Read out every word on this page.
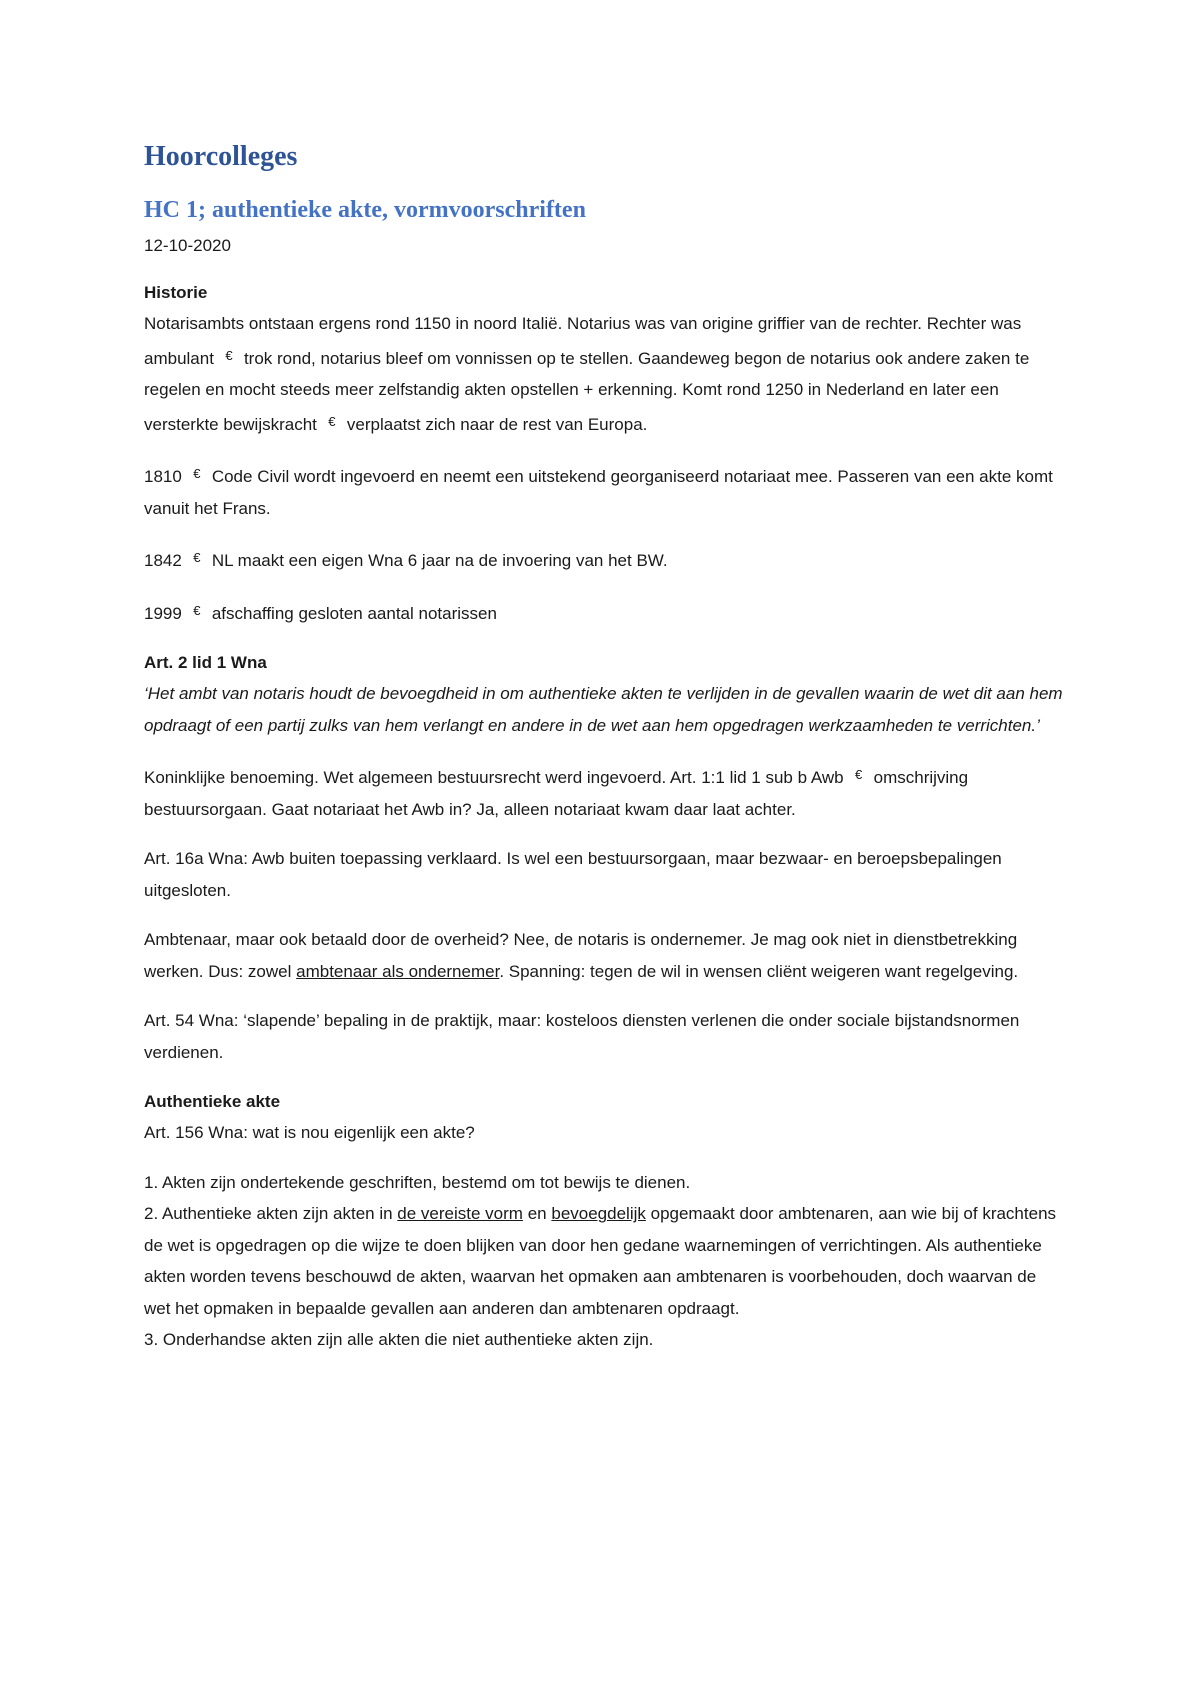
Hoorcolleges
HC 1; authentieke akte, vormvoorschriften

12-10-2020

Historie

Notarisambts ontstaan ergens rond 1150 in noord Italië. Notarius was van origine griffier van de rechter. Rechter was ambulant € trok rond, notarius bleef om vonnissen op te stellen. Gaandeweg begon de notarius ook andere zaken te regelen en mocht steeds meer zelfstandig akten opstellen + erkenning. Komt rond 1250 in Nederland en later een versterkte bewijskracht € verplaatst zich naar de rest van Europa.

1810 € Code Civil wordt ingevoerd en neemt een uitstekend georganiseerd notariaat mee. Passeren van een akte komt vanuit het Frans.

1842 € NL maakt een eigen Wna 6 jaar na de invoering van het BW.

1999 € afschaffing gesloten aantal notarissen

Art. 2 lid 1 Wna

‘Het ambt van notaris houdt de bevoegdheid in om authentieke akten te verlijden in de gevallen waarin de wet dit aan hem opdraagt of een partij zulks van hem verlangt en andere in de wet aan hem opgedragen werkzaamheden te verrichten.’

Koninklijke benoeming. Wet algemeen bestuursrecht werd ingevoerd. Art. 1:1 lid 1 sub b Awb € omschrijving bestuursorgaan. Gaat notariaat het Awb in? Ja, alleen notariaat kwam daar laat achter.

Art. 16a Wna: Awb buiten toepassing verklaard. Is wel een bestuursorgaan, maar bezwaar- en beroepsbepalingen uitgesloten.

Ambtenaar, maar ook betaald door de overheid? Nee, de notaris is ondernemer. Je mag ook niet in dienstbetrekking werken. Dus: zowel ambtenaar als ondernemer. Spanning: tegen de wil in wensen cliënt weigeren want regelgeving.

Art. 54 Wna: ‘slapende’ bepaling in de praktijk, maar: kosteloos diensten verlenen die onder sociale bijstandsnormen verdienen.

Authentieke akte

Art. 156 Wna: wat is nou eigenlijk een akte?

1. Akten zijn ondertekende geschriften, bestemd om tot bewijs te dienen.

2. Authentieke akten zijn akten in de vereiste vorm en bevoegdelijk opgemaakt door ambtenaren, aan wie bij of krachtens de wet is opgedragen op die wijze te doen blijken van door hen gedane waarnemingen of verrichtingen. Als authentieke akten worden tevens beschouwd de akten, waarvan het opmaken aan ambtenaren is voorbehouden, doch waarvan de wet het opmaken in bepaalde gevallen aan anderen dan ambtenaren opdraagt.

3. Onderhandse akten zijn alle akten die niet authentieke akten zijn.
